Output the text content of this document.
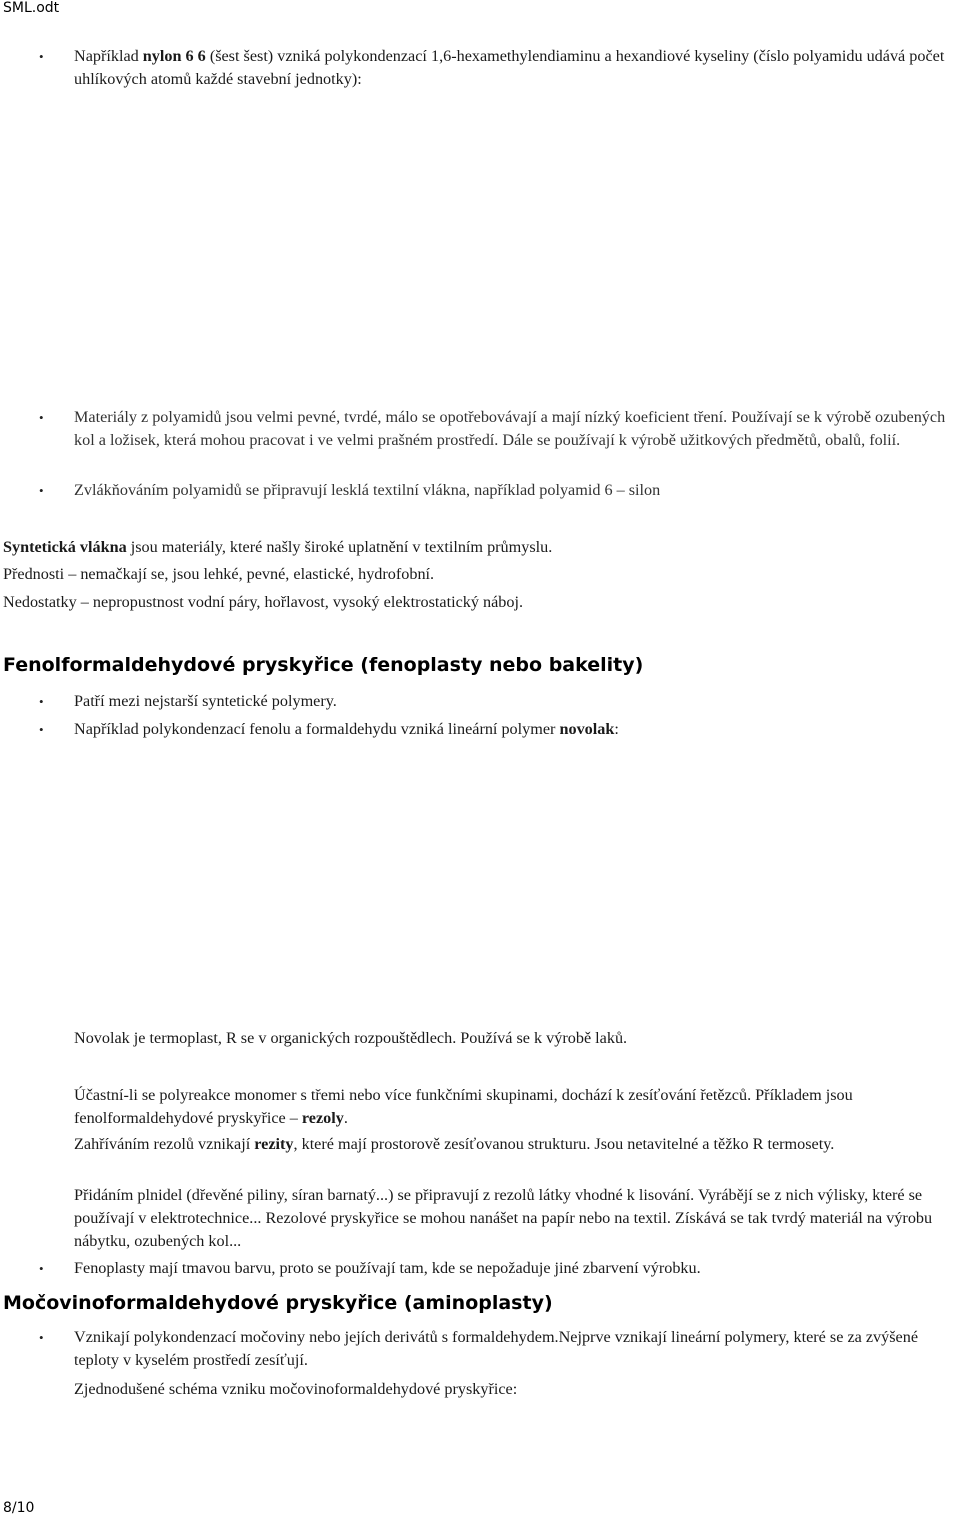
SML.odt
• Například nylon 6 6 (šest šest) vzniká polykondenzací 1,6-hexamethylendiaminu a hexandiové kyseliny (číslo polyamidu udává počet uhlíkových atomů každé stavební jednotky):
• Materiály z polyamidů jsou velmi pevné, tvrdé, málo se opotřebovávají a mají nízký koeficient tření. Používají se k výrobě ozubených kol a ložisek, která mohou pracovat i ve velmi prašném prostředí. Dále se používají k výrobě užitkových předmětů, obalů, folií.
• Zvlákňováním polyamidů se připravují lesklá textilní vlákna, například polyamid 6 – silon
Syntetická vlákna jsou materiály, které našly široké uplatnění v textilním průmyslu.
Přednosti – nemačkají se, jsou lehké, pevné, elastické, hydrofobní.
Nedostatky – nepropustnost vodní páry, hořlavost, vysoký elektrostatický náboj.
Fenolformaldehydové pryskyřice (fenoplasty nebo bakelity)
• Patří mezi nejstarší syntetické polymery.
• Například polykondenzací fenolu a formaldehydu vzniká lineární polymer novolak:
Novolak je termoplast, R se v organických rozpouštědlech. Používá se k výrobě laků.
Účastní-li se polyreakce monomer s třemi nebo více funkčními skupinami, dochází k zesíťování řetězců. Příkladem jsou fenolformaldehydové pryskyřice – rezoly.
Zahříváním rezolů vznikají rezity, které mají prostorově zesíťovanou strukturu. Jsou netavitelné a těžko R termosety.
Přidáním plnidel (dřevěné piliny, síran barnatý...) se připravují z rezolů látky vhodné k lisování. Vyrábějí se z nich výlisky, které se používají v elektrotechnice... Rezolové pryskyřice se mohou nanášet na papír nebo na textil. Získává se tak tvrdý materiál na výrobu nábytku, ozubených kol...
• Fenoplasty mají tmavou barvu, proto se používají tam, kde se nepožaduje jiné zbarvení výrobku.
Močovinoformaldehydové pryskyřice (aminoplasty)
• Vznikají polykondenzací močoviny nebo jejích derivátů s formaldehydem.Nejprve vznikají lineární polymery, které se za zvýšené teploty v kyselém prostředí zesíťují.
Zjednodušené schéma vzniku močovinoformaldehydové pryskyřice:
8/10
